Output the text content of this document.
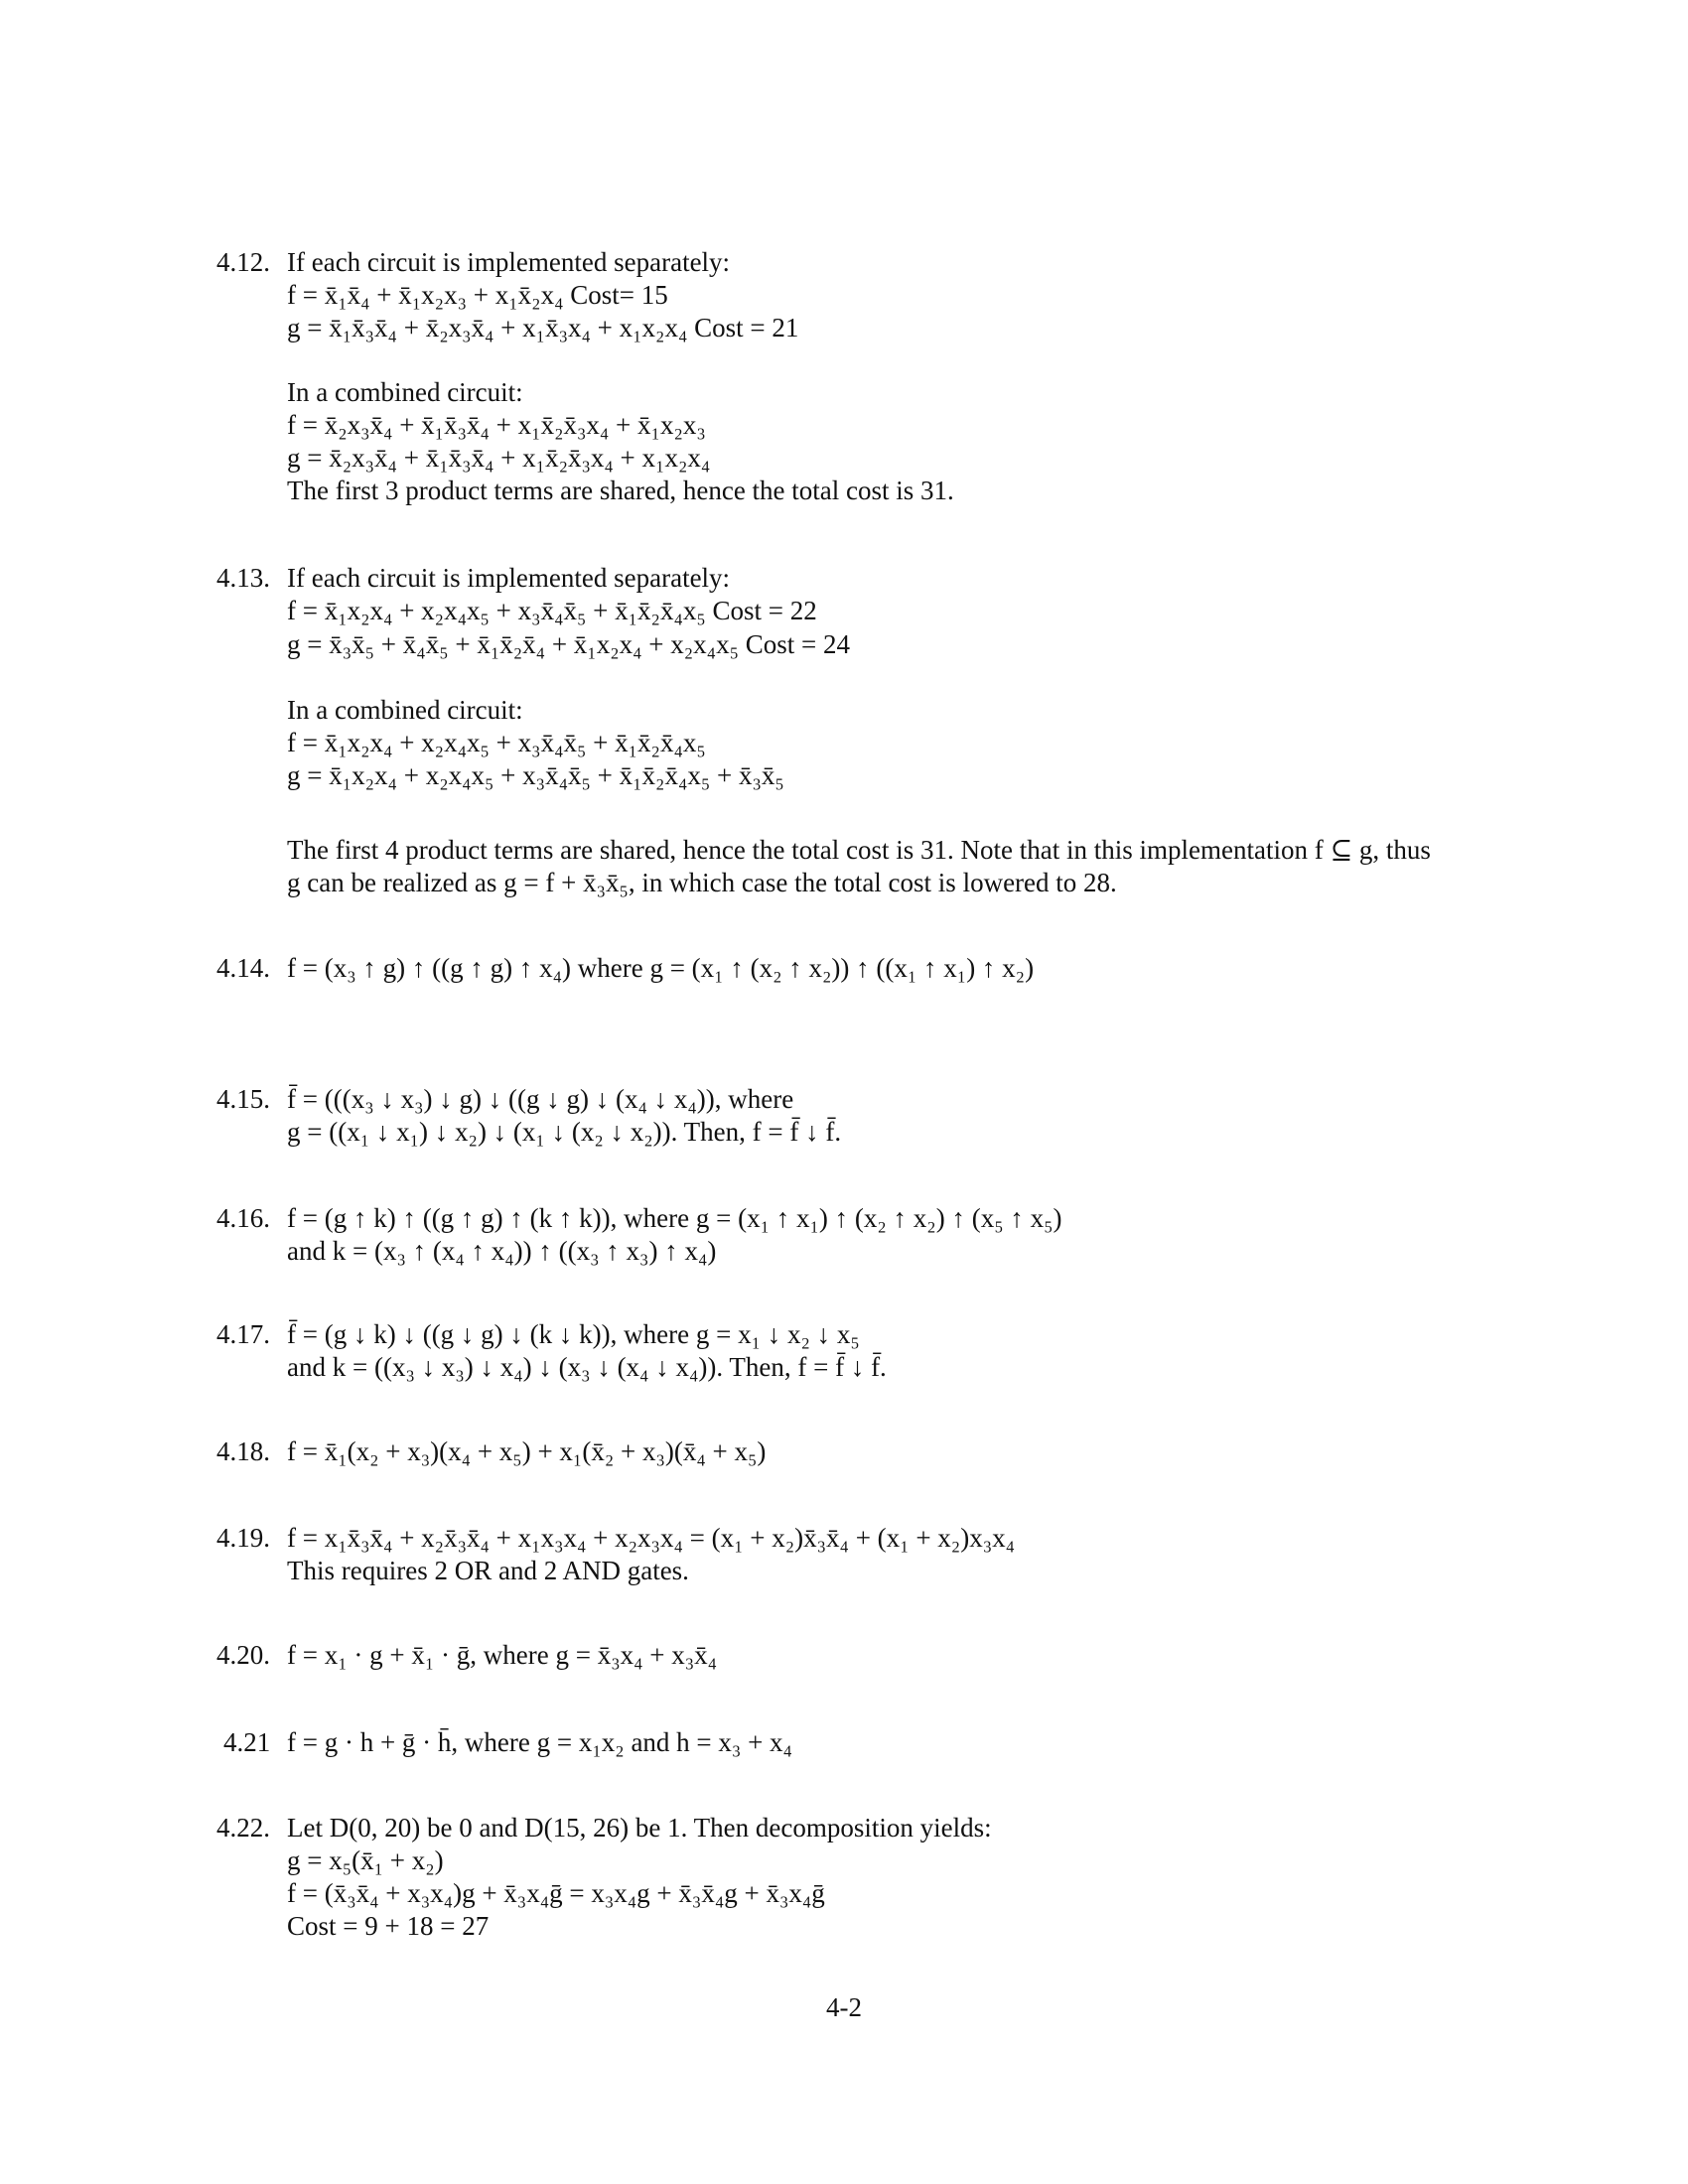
4.12. If each circuit is implemented separately:
f = x̄₁x̄₄ + x̄₁x₂x₃ + x₁x̄₂x₄ Cost= 15
g = x̄₁x̄₃x̄₄ + x̄₂x₃x̄₄ + x₁x̄₃x₄ + x₁x₂x₄ Cost = 21
In a combined circuit:
f = x̄₂x₃x̄₄ + x̄₁x̄₃x̄₄ + x₁x̄₂x̄₃x₄ + x̄₁x₂x₃
g = x̄₂x₃x̄₄ + x̄₁x̄₃x̄₄ + x₁x̄₂x̄₃x₄ + x₁x₂x₄
The first 3 product terms are shared, hence the total cost is 31.
4.13. If each circuit is implemented separately:
f = x̄₁x₂x₄ + x₂x₄x₅ + x₃x̄₄x̄₅ + x̄₁x̄₂x̄₄x₅ Cost = 22
g = x̄₃x̄₅ + x̄₄x̄₅ + x̄₁x̄₂x̄₄ + x̄₁x₂x₄ + x₂x₄x₅ Cost = 24
In a combined circuit:
f = x̄₁x₂x₄ + x₂x₄x₅ + x₃x̄₄x̄₅ + x̄₁x̄₂x̄₄x₅
g = x̄₁x₂x₄ + x₂x₄x₅ + x₃x̄₄x̄₅ + x̄₁x̄₂x̄₄x₅ + x̄₃x̄₅
The first 4 product terms are shared, hence the total cost is 31. Note that in this implementation f ⊆ g, thus
g can be realized as g = f + x̄₃x̄₅, in which case the total cost is lowered to 28.
4.14. f = (x₃ ↑ g) ↑ ((g ↑ g) ↑ x₄) where g = (x₁ ↑ (x₂ ↑ x₂)) ↑ ((x₁ ↑ x₁) ↑ x₂)
4.15. f̄ = (((x₃ ↓ x₃) ↓ g) ↓ ((g ↓ g) ↓ (x₄ ↓ x₄)), where
g = ((x₁ ↓ x₁) ↓ x₂) ↓ (x₁ ↓ (x₂ ↓ x₂)). Then, f = f̄ ↓ f̄.
4.16. f = (g ↑ k) ↑ ((g ↑ g) ↑ (k ↑ k)), where g = (x₁ ↑ x₁) ↑ (x₂ ↑ x₂) ↑ (x₅ ↑ x₅)
and k = (x₃ ↑ (x₄ ↑ x₄)) ↑ ((x₃ ↑ x₃) ↑ x₄)
4.17. f̄ = (g ↓ k) ↓ ((g ↓ g) ↓ (k ↓ k)), where g = x₁ ↓ x₂ ↓ x₅
and k = ((x₃ ↓ x₃) ↓ x₄) ↓ (x₃ ↓ (x₄ ↓ x₄)). Then, f = f̄ ↓ f̄.
4.18. f = x̄₁(x₂ + x₃)(x₄ + x₅) + x₁(x̄₂ + x₃)(x̄₄ + x₅)
4.19. f = x₁x̄₃x̄₄ + x₂x̄₃x̄₄ + x₁x₃x₄ + x₂x₃x₄ = (x₁ + x₂)x̄₃x̄₄ + (x₁ + x₂)x₃x₄
This requires 2 OR and 2 AND gates.
4.20. f = x₁ · g + x̄₁ · ḡ, where g = x̄₃x₄ + x₃x̄₄
4.21 f = g · h + ḡ · h̄, where g = x₁x₂ and h = x₃ + x₄
4.22. Let D(0, 20) be 0 and D(15, 26) be 1. Then decomposition yields:
g = x₅(x̄₁ + x₂)
f = (x̄₃x̄₄ + x₃x₄)g + x̄₃x₄ḡ = x₃x₄g + x̄₃x̄₄g + x̄₃x₄ḡ
Cost = 9 + 18 = 27
4-2
